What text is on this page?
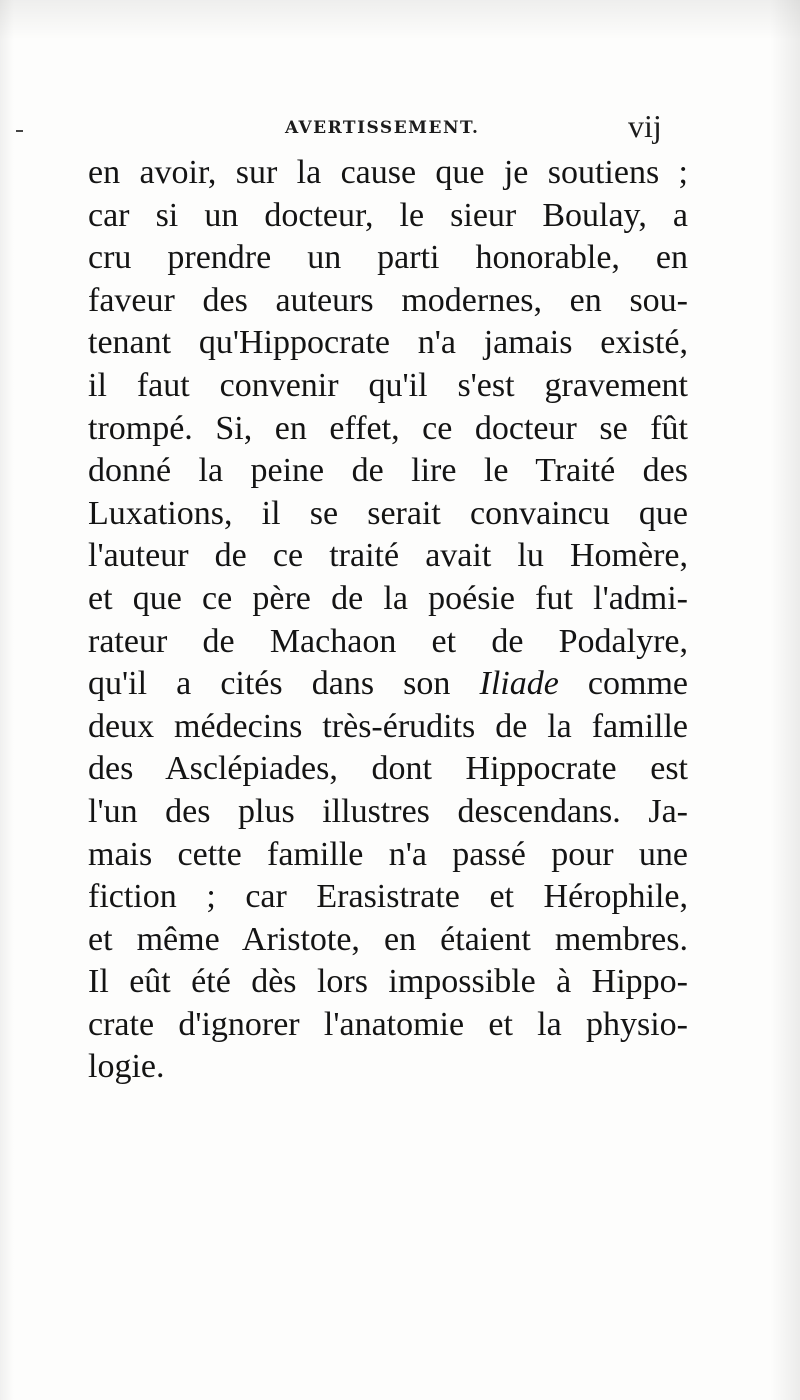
AVERTISSEMENT.	vij
en avoir, sur la cause que je soutiens ;
car si un docteur, le sieur Boulay, a
cru prendre un parti honorable, en
faveur des auteurs modernes, en sou-
tenant qu'Hippocrate n'a jamais existé,
il faut convenir qu'il s'est gravement
trompé. Si, en effet, ce docteur se fût
donné la peine de lire le Traité des
Luxations, il se serait convaincu que
l'auteur de ce traité avait lu Homère,
et que ce père de la poésie fut l'admi-
rateur de Machaon et de Podalyre,
qu'il a cités dans son Iliade comme
deux médecins très-érudits de la famille
des Asclépiades, dont Hippocrate est
l'un des plus illustres descendans. Ja-
mais cette famille n'a passé pour une
fiction ; car Erasistrate et Hérophile,
et même Aristote, en étaient membres.
Il eût été dès lors impossible à Hippo-
crate d'ignorer l'anatomie et la physio-
logie.
